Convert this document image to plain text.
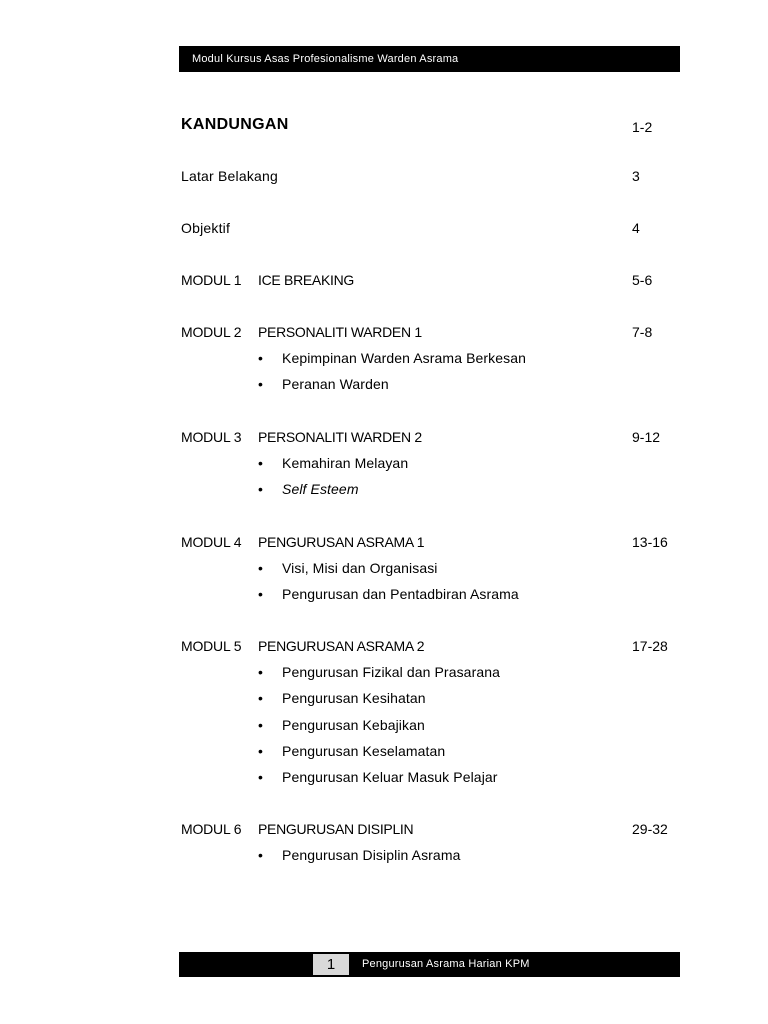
Modul Kursus Asas Profesionalisme Warden Asrama
KANDUNGAN	1-2
Latar Belakang	3
Objektif	4
MODUL 1 ICE BREAKING	5-6
MODUL 2 PERSONALITI WARDEN 1	7-8
• Kepimpinan Warden Asrama Berkesan
• Peranan Warden
MODUL 3 PERSONALITI WARDEN 2	9-12
• Kemahiran Melayan
• Self Esteem
MODUL 4 PENGURUSAN ASRAMA 1	13-16
• Visi, Misi dan Organisasi
• Pengurusan dan Pentadbiran Asrama
MODUL 5 PENGURUSAN ASRAMA 2	17-28
• Pengurusan Fizikal dan Prasarana
• Pengurusan Kesihatan
• Pengurusan Kebajikan
• Pengurusan Keselamatan
• Pengurusan Keluar Masuk Pelajar
MODUL 6 PENGURUSAN DISIPLIN	29-32
• Pengurusan Disiplin Asrama
1	Pengurusan Asrama Harian KPM
